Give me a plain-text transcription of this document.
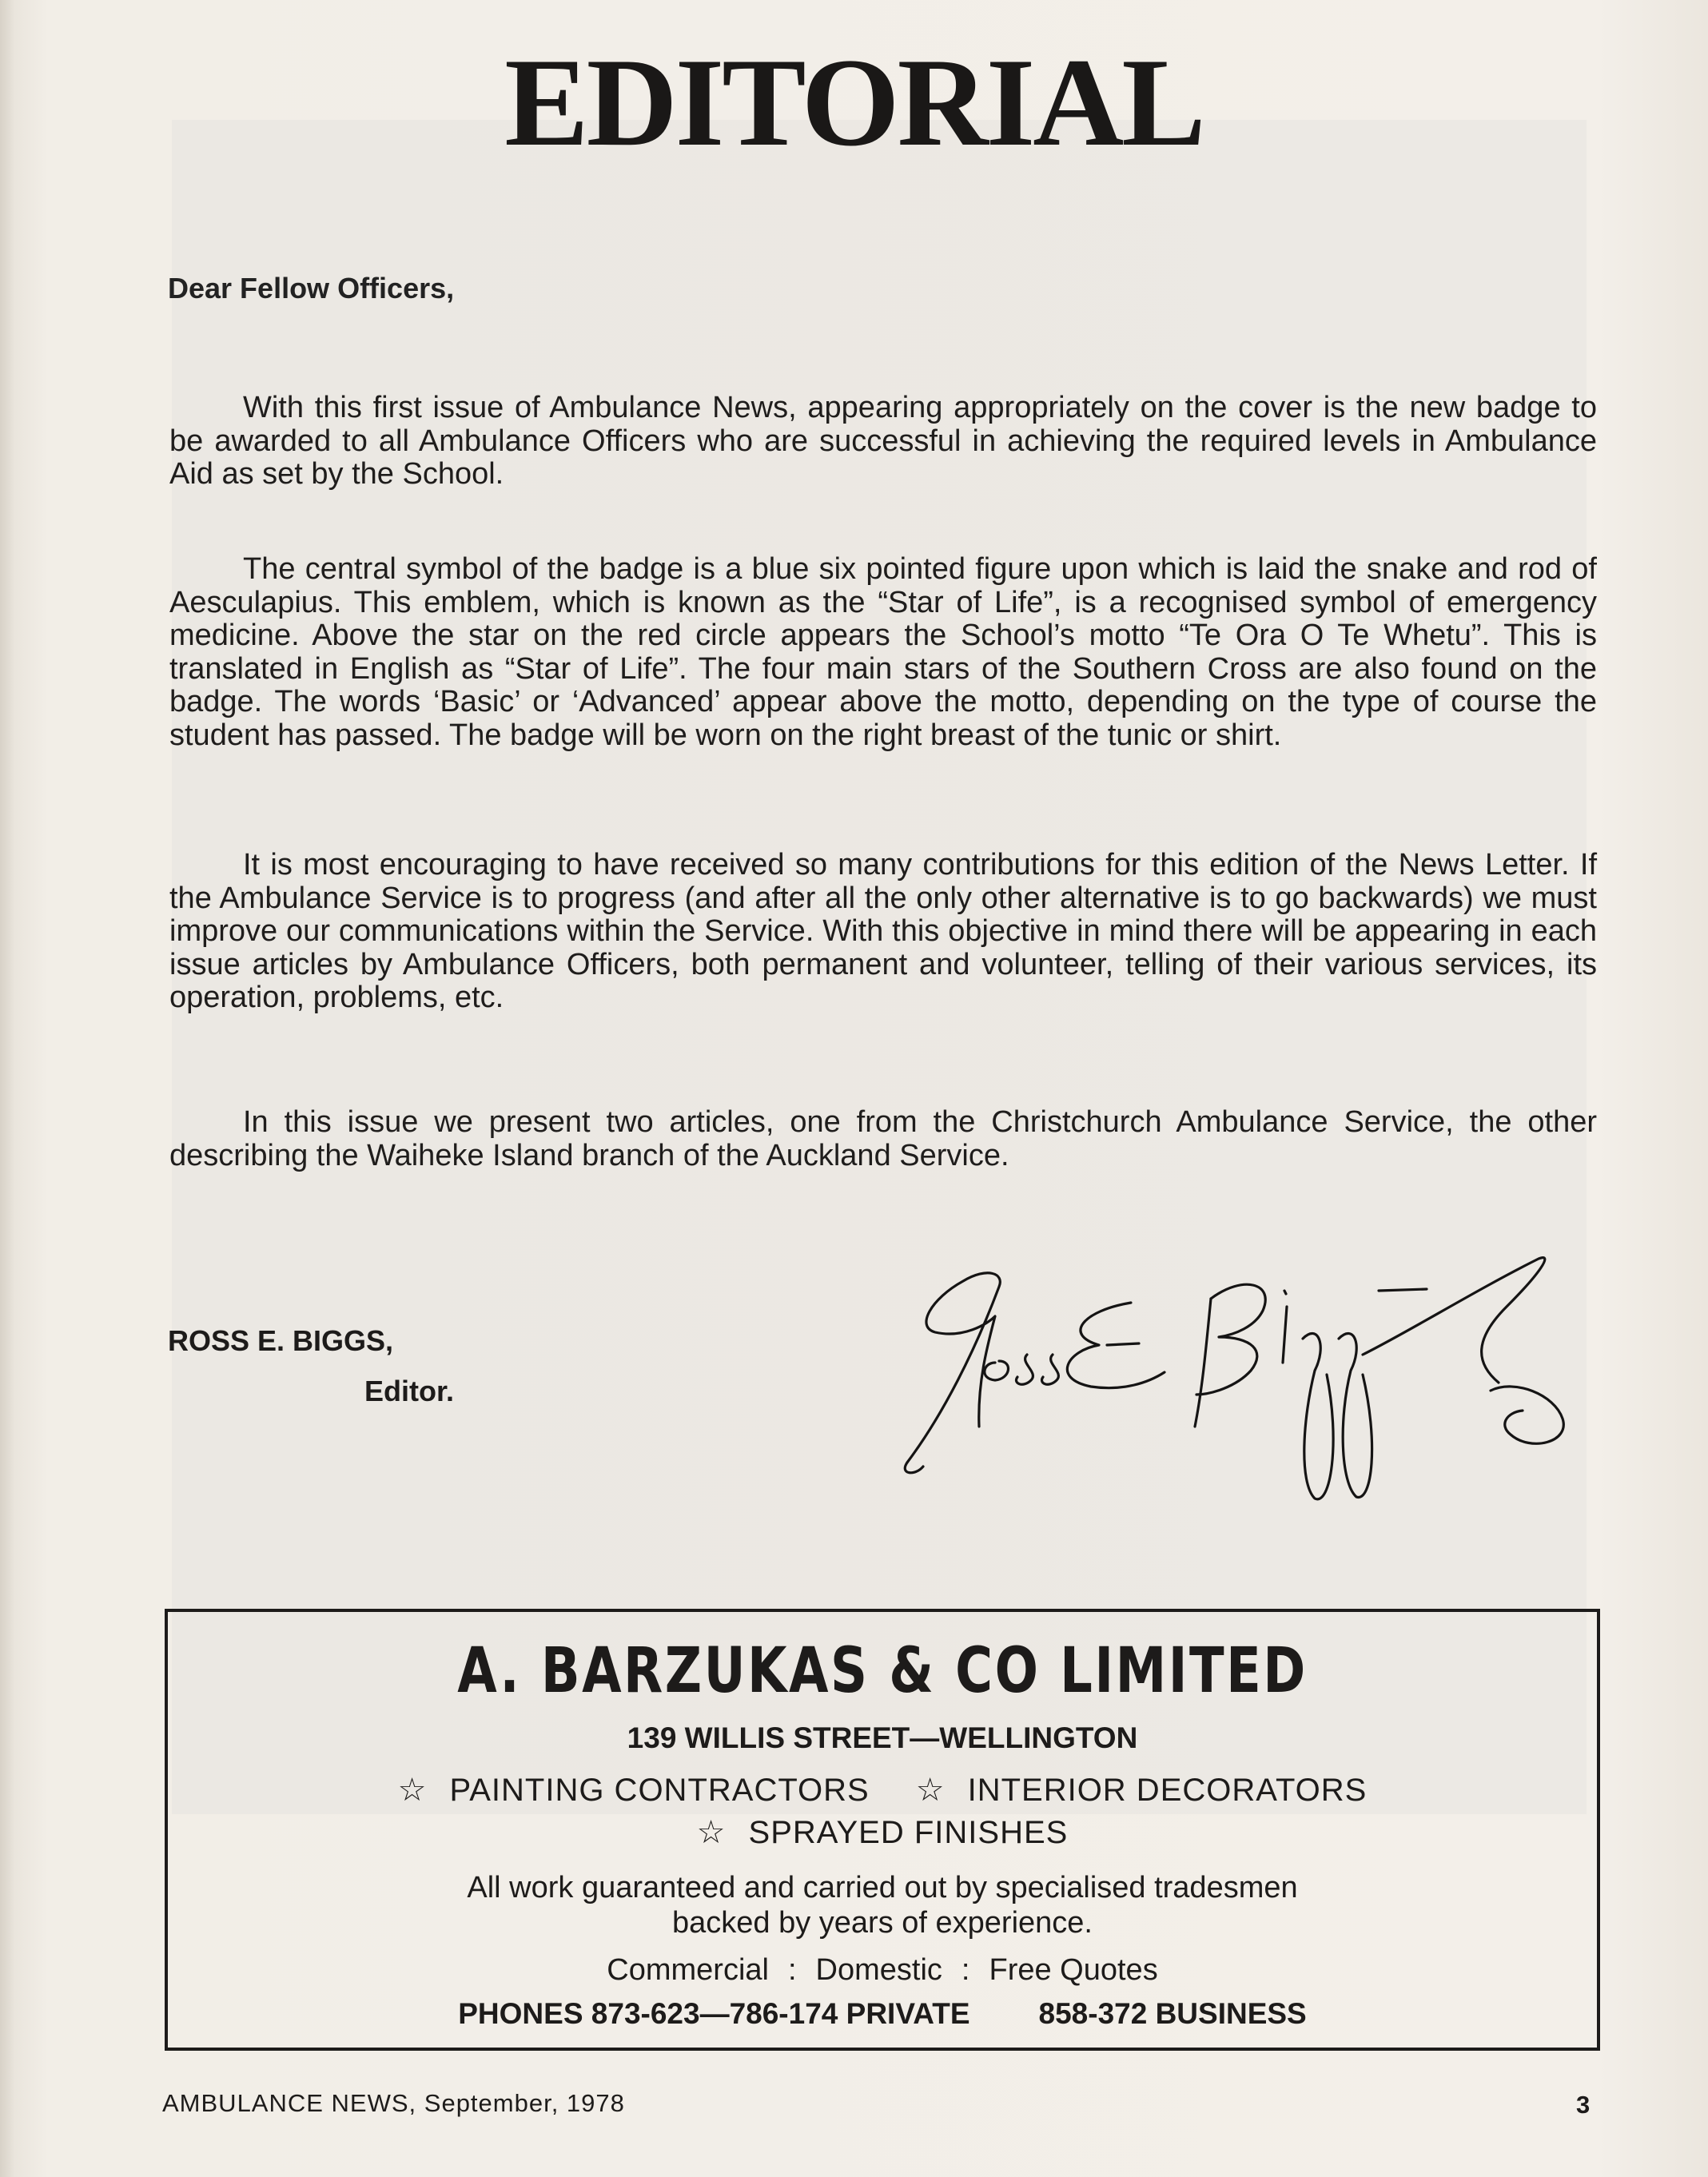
EDITORIAL
Dear Fellow Officers,

With this first issue of Ambulance News, appearing appropriately on the cover is the new badge to be awarded to all Ambulance Officers who are successful in achieving the required levels in Ambulance Aid as set by the School.

The central symbol of the badge is a blue six pointed figure upon which is laid the snake and rod of Aesculapius. This emblem, which is known as the “Star of Life”, is a recognised symbol of emergency medicine. Above the star on the red circle appears the School’s motto “Te Ora O Te Whetu”. This is translated in English as “Star of Life”. The four main stars of the Southern Cross are also found on the badge. The words ‘Basic’ or ‘Advanced’ appear above the motto, depending on the type of course the student has passed. The badge will be worn on the right breast of the tunic or shirt.

It is most encouraging to have received so many contributions for this edition of the News Letter. If the Ambulance Service is to progress (and after all the only other alternative is to go backwards) we must improve our communications within the Service. With this objective in mind there will be appearing in each issue articles by Ambulance Officers, both permanent and volunteer, telling of their various services, its operation, problems, etc.

In this issue we present two articles, one from the Christchurch Ambulance Service, the other describing the Waiheke Island branch of the Auckland Service.

ROSS E. BIGGS,
Editor.
A. BARZUKAS & CO LIMITED
139 WILLIS STREET—WELLINGTON
☆ PAINTING CONTRACTORS ☆ INTERIOR DECORATORS
☆ SPRAYED FINISHES
All work guaranteed and carried out by specialised tradesmen
backed by years of experience.
Commercial : Domestic : Free Quotes
PHONES 873-623—786-174 PRIVATE 858-372 BUSINESS
AMBULANCE NEWS, September, 1978	3
